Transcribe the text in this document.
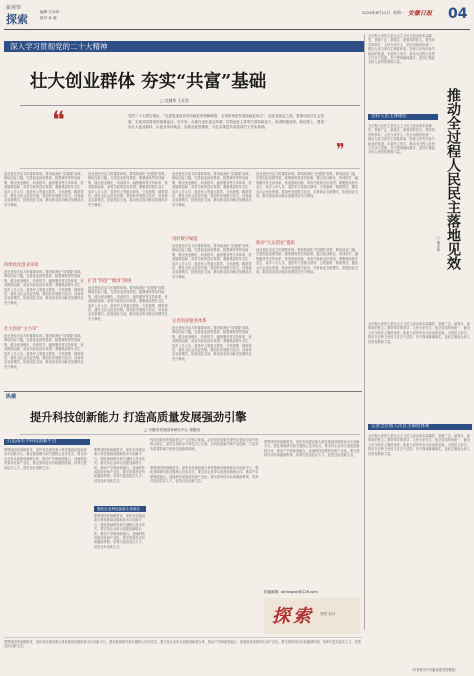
新观察
探索
编辑 庄向荣
校对 孙 敏
2024年8月12日 星期一 安徽日报 04
深入学习贯彻党的二十大精神
壮大创业群体 夯实“共富”基础
□ 沈健华 王亚君
❝	党的二十大报告指出，“完善促进创业带动就业的保障制度，支持和规范发展新就业形态”。创业是就业之源，是推动经济社会发展、实现共同富裕的重要途径。近年来，各地在优化创业环境、扶持创业主体等方面持续发力，取得积极成效。新征程上，要进一步壮大创业群体，以创业带动就业，以就业促进增收，为扎实推进共同富裕打下坚实基础。
❝
创业是经济活力的重要体现。要持续深化“放管服”改革，降低创业门槛，完善创业担保贷款、税费减免等扶持政策，健全创业孵化、培训指导、融资服务等支持体系，营造鼓励创新、宽容失败的良好氛围。要聚焦高校毕业生、返乡入乡人员、退役军人等重点群体，分类施策、精准帮扶，激发全社会创业热情。要加快发展数字经济，培育新业态新模式，拓展创业空间，推动创业带动就业倍增效应充分释放。
持续优化创业环境
创业是经济活力的重要体现。要持续深化“放管服”改革，降低创业门槛，完善创业担保贷款、税费减免等扶持政策，健全创业孵化、培训指导、融资服务等支持体系，营造鼓励创新、宽容失败的良好氛围。要聚焦高校毕业生、返乡入乡人员、退役军人等重点群体，分类施策、精准帮扶，激发全社会创业热情。要加快发展数字经济，培育新业态新模式，拓展创业空间，推动创业带动就业倍增效应充分释放。
壮大创业“主力军”
创业是经济活力的重要体现。要持续深化“放管服”改革，降低创业门槛，完善创业担保贷款、税费减免等扶持政策，健全创业孵化、培训指导、融资服务等支持体系，营造鼓励创新、宽容失败的良好氛围。要聚焦高校毕业生、返乡入乡人员、退役军人等重点群体，分类施策、精准帮扶，激发全社会创业热情。要加快发展数字经济，培育新业态新模式，拓展创业空间，推动创业带动就业倍增效应充分释放。
创业是经济活力的重要体现。要持续深化“放管服”改革，降低创业门槛，完善创业担保贷款、税费减免等扶持政策，健全创业孵化、培训指导、融资服务等支持体系，营造鼓励创新、宽容失败的良好氛围。要聚焦高校毕业生、返乡入乡人员、退役军人等重点群体，分类施策、精准帮扶，激发全社会创业热情。要加快发展数字经济，培育新业态新模式，拓展创业空间，推动创业带动就业倍增效应充分释放。
扩容“科创”“数创”领域
创业是经济活力的重要体现。要持续深化“放管服”改革，降低创业门槛，完善创业担保贷款、税费减免等扶持政策，健全创业孵化、培训指导、融资服务等支持体系，营造鼓励创新、宽容失败的良好氛围。要聚焦高校毕业生、返乡入乡人员、退役军人等重点群体，分类施策、精准帮扶，激发全社会创业热情。要加快发展数字经济，培育新业态新模式，拓展创业空间，推动创业带动就业倍增效应充分释放。
创业是经济活力的重要体现。要持续深化“放管服”改革，降低创业门槛，完善创业担保贷款、税费减免等扶持政策，健全创业孵化、培训指导、融资服务等支持体系，营造鼓励创新、宽容失败的良好氛围。要聚焦高校毕业生、返乡入乡人员、退役军人等重点群体，分类施策、精准帮扶，激发全社会创业热情。要加快发展数字经济，培育新业态新模式，拓展创业空间，推动创业带动就业倍增效应充分释放。
用好数字赋能
创业是经济活力的重要体现。要持续深化“放管服”改革，降低创业门槛，完善创业担保贷款、税费减免等扶持政策，健全创业孵化、培训指导、融资服务等支持体系，营造鼓励创新、宽容失败的良好氛围。要聚焦高校毕业生、返乡入乡人员、退役军人等重点群体，分类施策、精准帮扶，激发全社会创业热情。要加快发展数字经济，培育新业态新模式，拓展创业空间，推动创业带动就业倍增效应充分释放。
完善创业服务体系
创业是经济活力的重要体现。要持续深化“放管服”改革，降低创业门槛，完善创业担保贷款、税费减免等扶持政策，健全创业孵化、培训指导、融资服务等支持体系，营造鼓励创新、宽容失败的良好氛围。要聚焦高校毕业生、返乡入乡人员、退役军人等重点群体，分类施策、精准帮扶，激发全社会创业热情。要加快发展数字经济，培育新业态新模式，拓展创业空间，推动创业带动就业倍增效应充分释放。
创业是经济活力的重要体现。要持续深化“放管服”改革，降低创业门槛，完善创业担保贷款、税费减免等扶持政策，健全创业孵化、培训指导、融资服务等支持体系，营造鼓励创新、宽容失败的良好氛围。要聚焦高校毕业生、返乡入乡人员、退役军人等重点群体，分类施策、精准帮扶，激发全社会创业热情。要加快发展数字经济，培育新业态新模式，拓展创业空间，推动创业带动就业倍增效应充分释放。
推动“大众创业”提质
创业是经济活力的重要体现。要持续深化“放管服”改革，降低创业门槛，完善创业担保贷款、税费减免等扶持政策，健全创业孵化、培训指导、融资服务等支持体系，营造鼓励创新、宽容失败的良好氛围。要聚焦高校毕业生、返乡入乡人员、退役军人等重点群体，分类施策、精准帮扶，激发全社会创业热情。要加快发展数字经济，培育新业态新模式，拓展创业空间，推动创业带动就业倍增效应充分释放。
全过程人民民主是社会主义民主政治的本质属性，是最广泛、最真实、最管用的民主。要坚持党的领导、人民当家作主、依法治国有机统一，健全人民当家作主制度体系，拓宽人民有序参与政治的渠道，丰富民主形式，推动全过程人民民主在各个层面、各个领域落地落实，更好汇聚起全体人民的智慧和力量。
推动全过程人民民主落地见效
□ 胡宏伟
坚持人民主体地位
全过程人民民主是社会主义民主政治的本质属性，是最广泛、最真实、最管用的民主。要坚持党的领导、人民当家作主、依法治国有机统一，健全人民当家作主制度体系，拓宽人民有序参与政治的渠道，丰富民主形式，推动全过程人民民主在各个层面、各个领域落地落实，更好汇聚起全体人民的智慧和力量。
全过程人民民主是社会主义民主政治的本质属性，是最广泛、最真实、最管用的民主。要坚持党的领导、人民当家作主、依法治国有机统一，健全人民当家作主制度体系，拓宽人民有序参与政治的渠道，丰富民主形式，推动全过程人民民主在各个层面、各个领域落地落实，更好汇聚起全体人民的智慧和力量。
完善全过程人民民主制度体系
全过程人民民主是社会主义民主政治的本质属性，是最广泛、最真实、最管用的民主。要坚持党的领导、人民当家作主、依法治国有机统一，健全人民当家作主制度体系，拓宽人民有序参与政治的渠道，丰富民主形式，推动全过程人民民主在各个层面、各个领域落地落实，更好汇聚起全体人民的智慧和力量。
纵横
提升科技创新能力 打造高质量发展强劲引擎
□ 安徽省发展改革研究中心 课题组
科技创新是发展新质生产力的核心要素。必须坚持创新在现代化建设全局中的核心地位，加快实现高水平科技自立自强，以科技创新引领产业创新，打造具有重要影响力的科技创新策源地。
打造高水平科技创新平台
要围绕国家战略需求，加快布局建设重大科技基础设施和高水平创新平台，强化基础研究和关键核心技术攻关。要支持企业牵头组建创新联合体，推动产学研深度融合，加速科技成果转化和产业化。要完善科技评价和激励机制，培养引进高层次人才，营造良好创新生态。
要围绕国家战略需求，加快布局建设重大科技基础设施和高水平创新平台，强化基础研究和关键核心技术攻关。要支持企业牵头组建创新联合体，推动产学研深度融合，加速科技成果转化和产业化。要完善科技评价和激励机制，培养引进高层次人才，营造良好创新生态。
强化企业科技创新主体地位
要围绕国家战略需求，加快布局建设重大科技基础设施和高水平创新平台，强化基础研究和关键核心技术攻关。要支持企业牵头组建创新联合体，推动产学研深度融合，加速科技成果转化和产业化。要完善科技评价和激励机制，培养引进高层次人才，营造良好创新生态。
要围绕国家战略需求，加快布局建设重大科技基础设施和高水平创新平台，强化基础研究和关键核心技术攻关。要支持企业牵头组建创新联合体，推动产学研深度融合，加速科技成果转化和产业化。要完善科技评价和激励机制，培养引进高层次人才，营造良好创新生态。
要围绕国家战略需求，加快布局建设重大科技基础设施和高水平创新平台，强化基础研究和关键核心技术攻关。要支持企业牵头组建创新联合体，推动产学研深度融合，加速科技成果转化和产业化。要完善科技评价和激励机制，培养引进高层次人才，营造良好创新生态。
投稿邮箱: ahrbxglsb@126.com
探索 观察 如月
（作者系中共安徽省委党校教授）
要围绕国家战略需求，加快布局建设重大科技基础设施和高水平创新平台，强化基础研究和关键核心技术攻关。要支持企业牵头组建创新联合体，推动产学研深度融合，加速科技成果转化和产业化。要完善科技评价和激励机制，培养引进高层次人才，营造良好创新生态。
